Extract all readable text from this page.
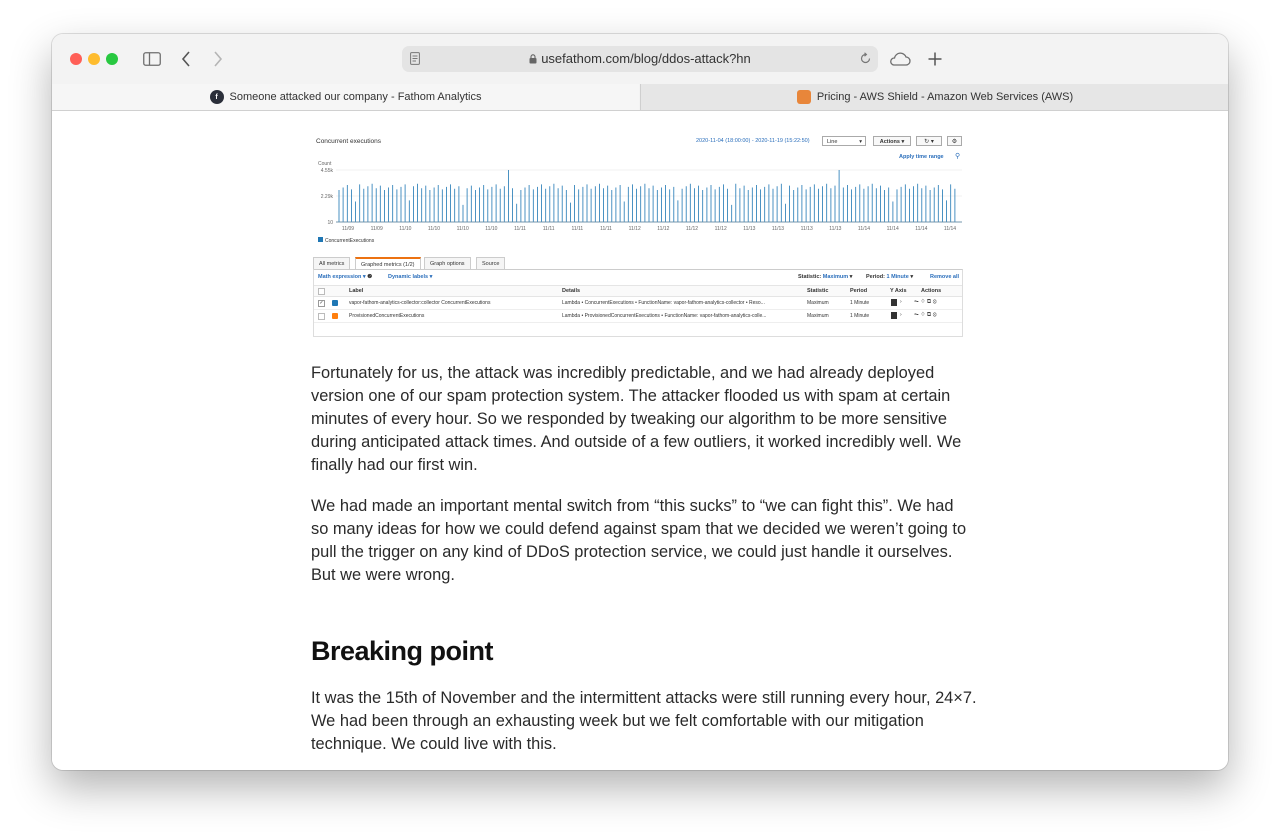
usefathom.com/blog/ddos-attack?hn
f	Someone attacked our company - Fathom Analytics	Pricing - AWS Shield - Amazon Web Services (AWS)
Concurrent executions	2020-11-04 (18:00:00) - 2020-11-19 (15:22:50)	Line	▾	Actions ▾	↻ ▾	⚙
Apply time range ⚲
Count
4.55k
2.29k
10
11/09	11/09	11/10	11/10	11/10	11/10	11/11	11/11	11/11	11/11	11/12	11/12	11/12	11/12	11/13	11/13	11/13	11/13	11/14	11/14	11/14	11/14
ConcurrentExecutions
All metrics	Graphed metrics (1/2)	Graph options	Source
Math expression ▾ ❷	Dynamic labels ▾	Statistic: Maximum ▾ Period: 1 Minute ▾	Remove all
Label	Details	Statistic	Period	Y Axis	Actions
✓	vapor-fathom-analytics-collector:collector ConcurrentExecutions	Lambda • ConcurrentExecutions • FunctionName: vapor-fathom-analytics-collector • Reso...	Maximum	1 Minute	› ⏦ ♢ ⧉ ⊗
ProvisionedConcurrentExecutions	Lambda • ProvisionedConcurrentExecutions • FunctionName: vapor-fathom-analytics-colle...	Maximum	1 Minute	› ⏦ ♢ ⧉ ⊗

Fortunately for us, the attack was incredibly predictable, and we had already deployed version one of our spam protection system. The attacker flooded us with spam at certain minutes of every hour. So we responded by tweaking our algorithm to be more sensitive during anticipated attack times. And outside of a few outliers, it worked incredibly well. We finally had our first win.

We had made an important mental switch from “this sucks” to “we can fight this”. We had so many ideas for how we could defend against spam that we decided we weren’t going to pull the trigger on any kind of DDoS protection service, we could just handle it ourselves. But we were wrong.

Breaking point

It was the 15th of November and the intermittent attacks were still running every hour, 24×7. We had been through an exhausting week but we felt comfortable with our mitigation technique. We could live with this.
